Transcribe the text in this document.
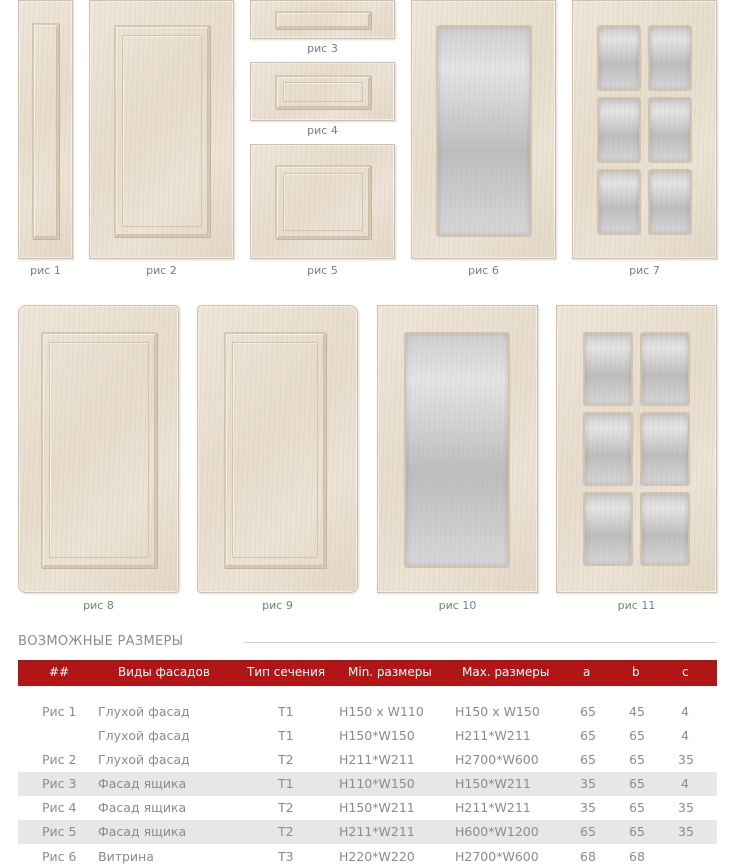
рис 1	рис 2
рис 3
рис 4
рис 5	рис 6	рис 7
рис 8	рис 9	рис 10	рис 11
ВОЗМОЖНЫЕ РАЗМЕРЫ
##	Виды фасадов	Тип сечения Min. размеры	Max. размеры	a	b	c
Рис 1 Глухой фасад	T1	H150 x W110 H150 x W150	65	45	4
Глухой фасад	T1	H150*W150	H211*W211	65	65	4
Рис 2 Глухой фасад	T2	H211*W211	H2700*W600	65	65	35
Рис 3 Фасад ящика	T1	H110*W150	H150*W211	35	65	4
Рис 4 Фасад ящика	T2	H150*W211	H211*W211	35	65	35
Рис 5 Фасад ящика	T2	H211*W211	H600*W1200	65	65	35
Рис 6 Витрина	T3	H220*W220	H2700*W600	68	68
